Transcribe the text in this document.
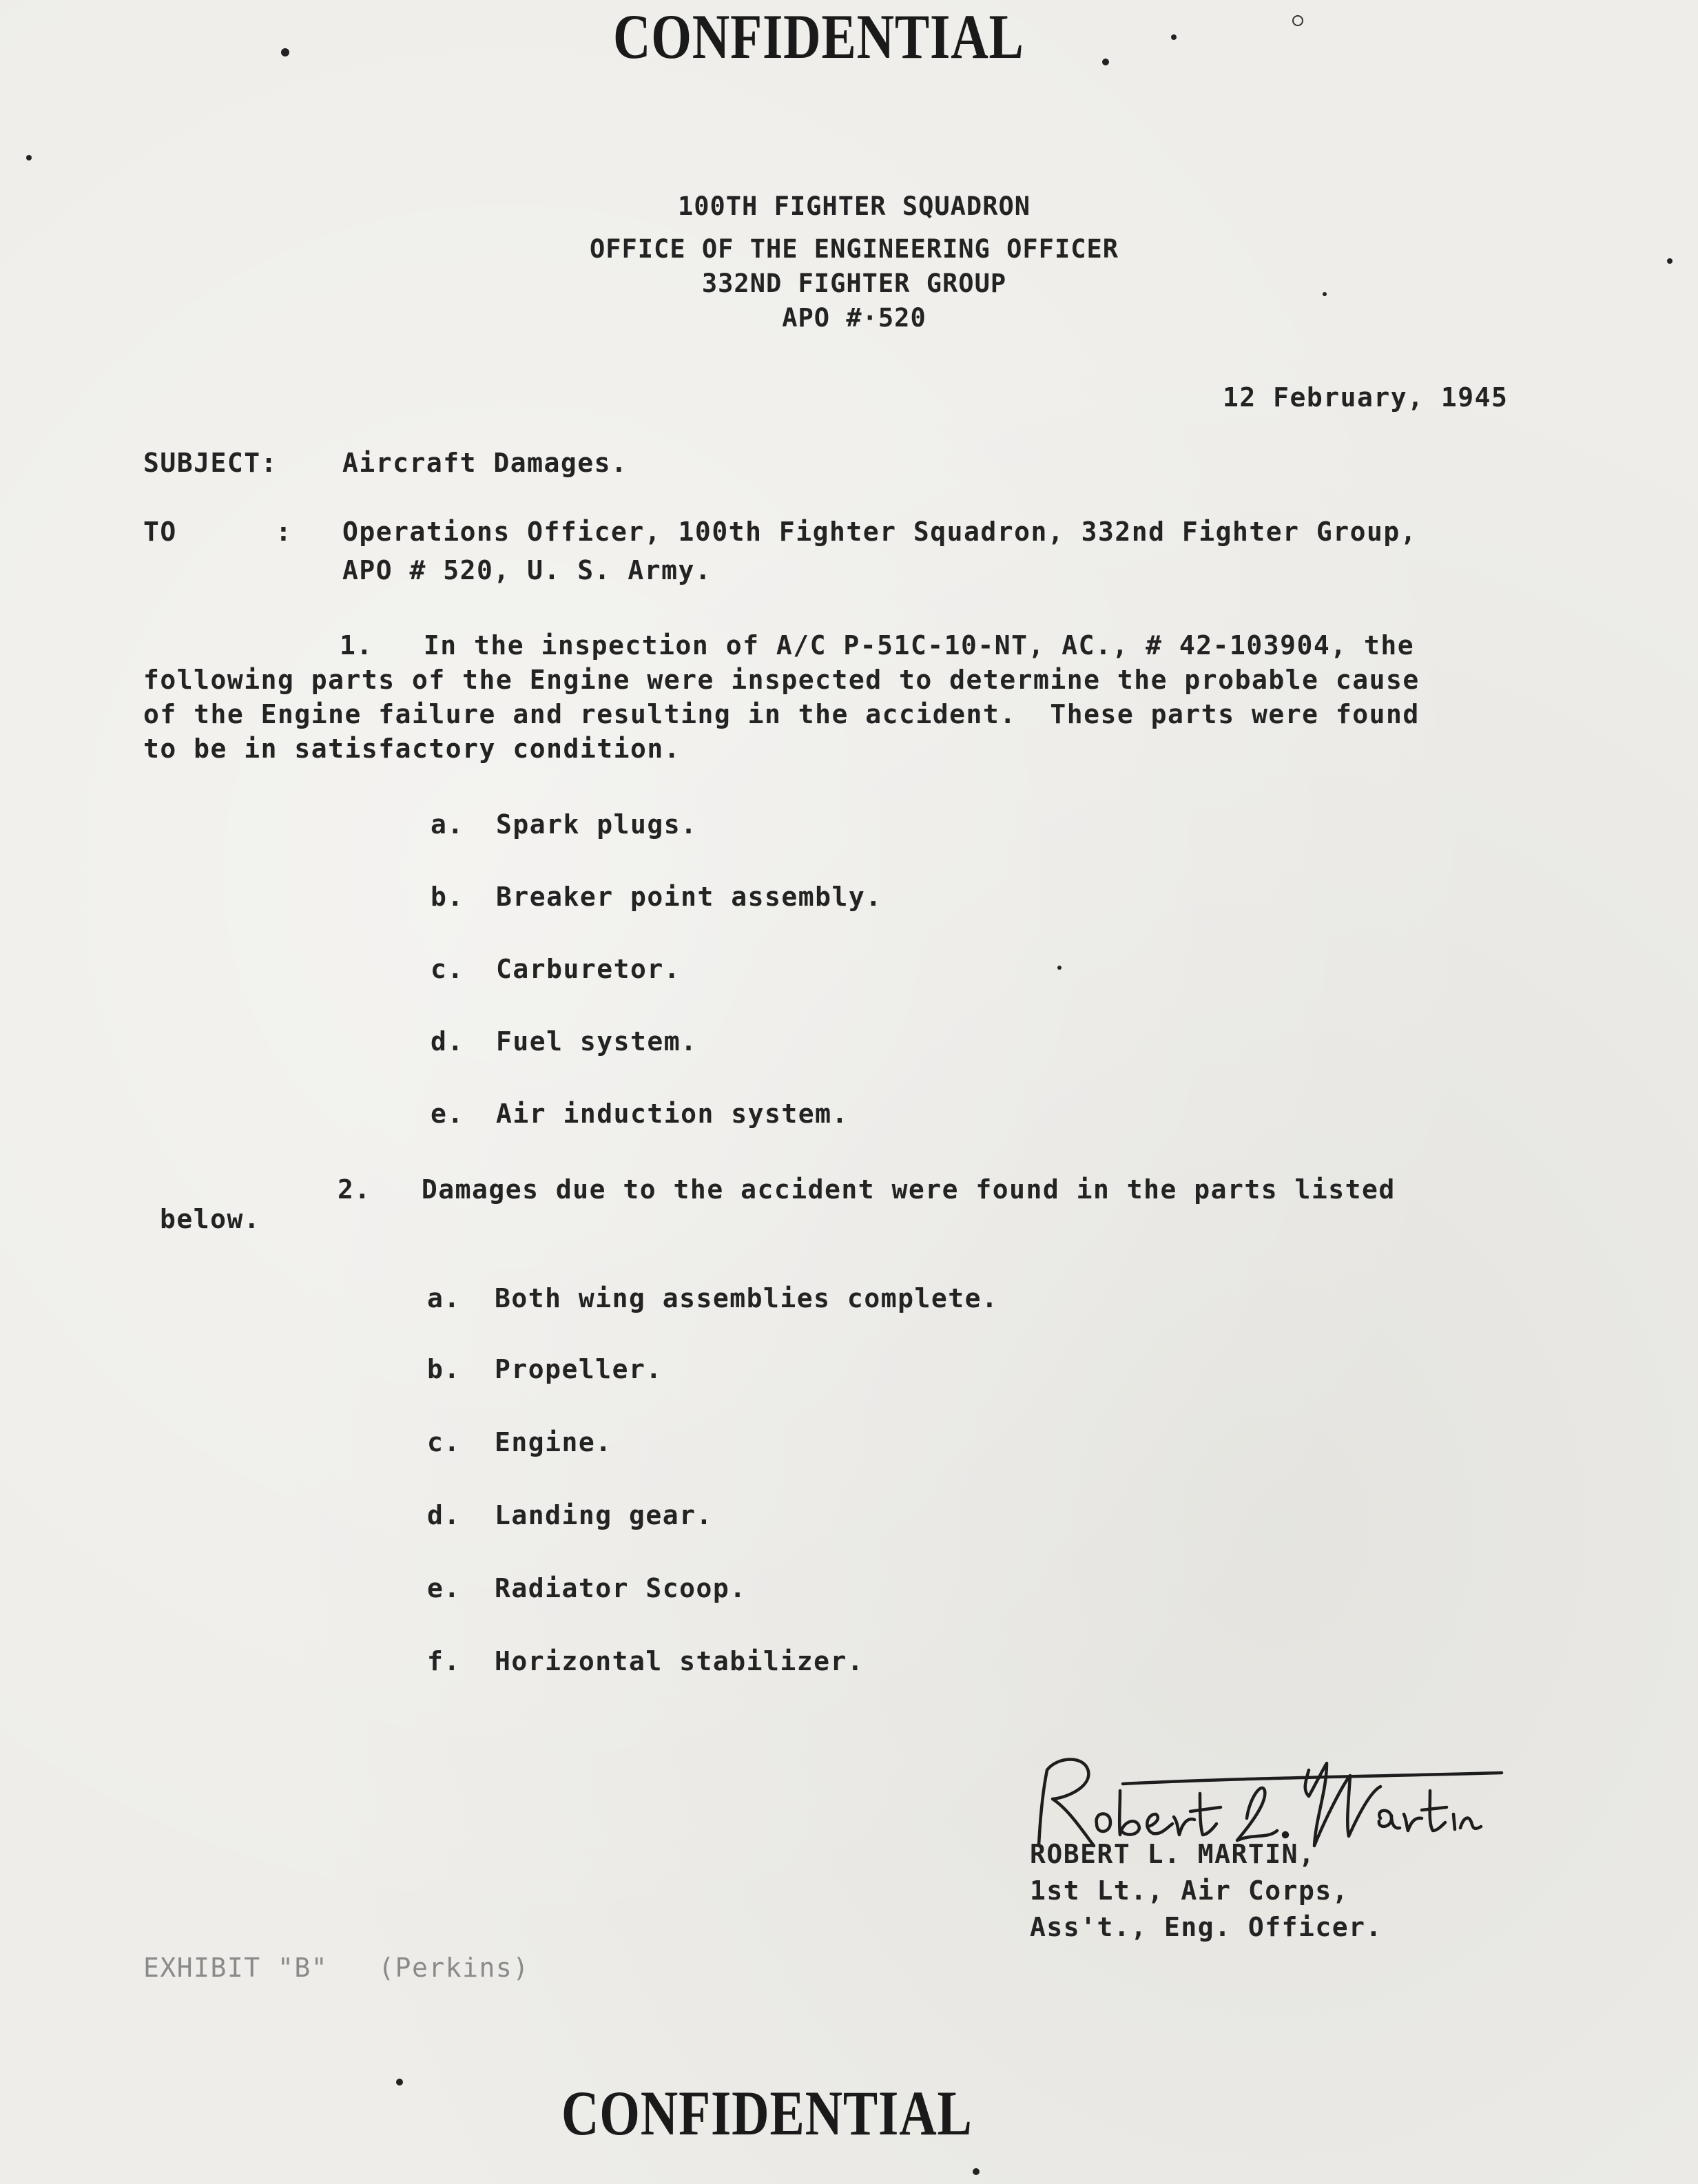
CONFIDENTIAL
100TH FIGHTER SQUADRON
OFFICE OF THE ENGINEERING OFFICER
332ND FIGHTER GROUP
APO #·520
12 February, 1945
SUBJECT: Aircraft Damages.
TO	: Operations Officer, 100th Fighter Squadron, 332nd Fighter Group,
APO # 520, U. S. Army.
1.   In the inspection of A/C P-51C-10-NT, AC., # 42-103904, the
following parts of the Engine were inspected to determine the probable cause
of the Engine failure and resulting in the accident.  These parts were found
to be in satisfactory condition.
a. Spark plugs.
b. Breaker point assembly.
c. Carburetor.
d. Fuel system.
e. Air induction system.
2.   Damages due to the accident were found in the parts listed
below.
a. Both wing assemblies complete.
b. Propeller.
c. Engine.
d. Landing gear.
e. Radiator Scoop.
f. Horizontal stabilizer.
ROBERT L. MARTIN,
1st Lt., Air Corps,
Ass't., Eng. Officer.
EXHIBIT "B"   (Perkins)
CONFIDENTIAL
